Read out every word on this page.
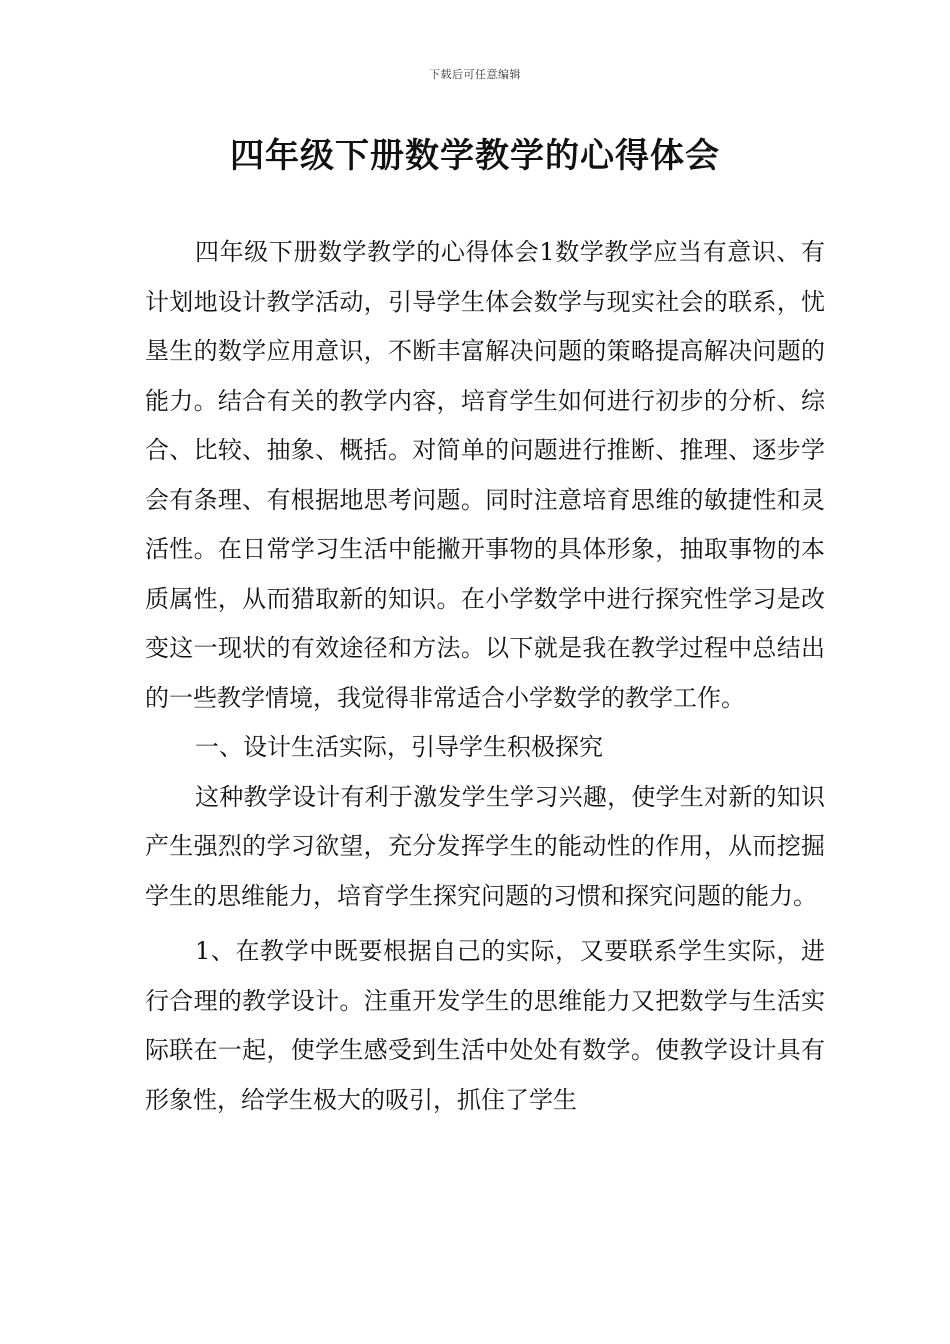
下载后可任意编辑
四年级下册数学教学的心得体会

四年级下册数学教学的心得体会1数学教学应当有意识、有计划地设计教学活动，引导学生体会数学与现实社会的联系，忧垦生的数学应用意识，不断丰富解决问题的策略提高解决问题的能力。结合有关的教学内容，培育学生如何进行初步的分析、综合、比较、抽象、概括。对简单的问题进行推断、推理、逐步学会有条理、有根据地思考问题。同时注意培育思维的敏捷性和灵活性。在日常学习生活中能撇开事物的具体形象，抽取事物的本质属性，从而猎取新的知识。在小学数学中进行探究性学习是改变这一现状的有效途径和方法。以下就是我在教学过程中总结出的一些教学情境，我觉得非常适合小学数学的教学工作。

一、设计生活实际，引导学生积极探究

这种教学设计有利于激发学生学习兴趣，使学生对新的知识产生强烈的学习欲望，充分发挥学生的能动性的作用，从而挖掘学生的思维能力，培育学生探究问题的习惯和探究问题的能力。

1、在教学中既要根据自己的实际，又要联系学生实际，进行合理的教学设计。注重开发学生的思维能力又把数学与生活实际联在一起，使学生感受到生活中处处有数学。使教学设计具有形象性，给学生极大的吸引，抓住了学生
